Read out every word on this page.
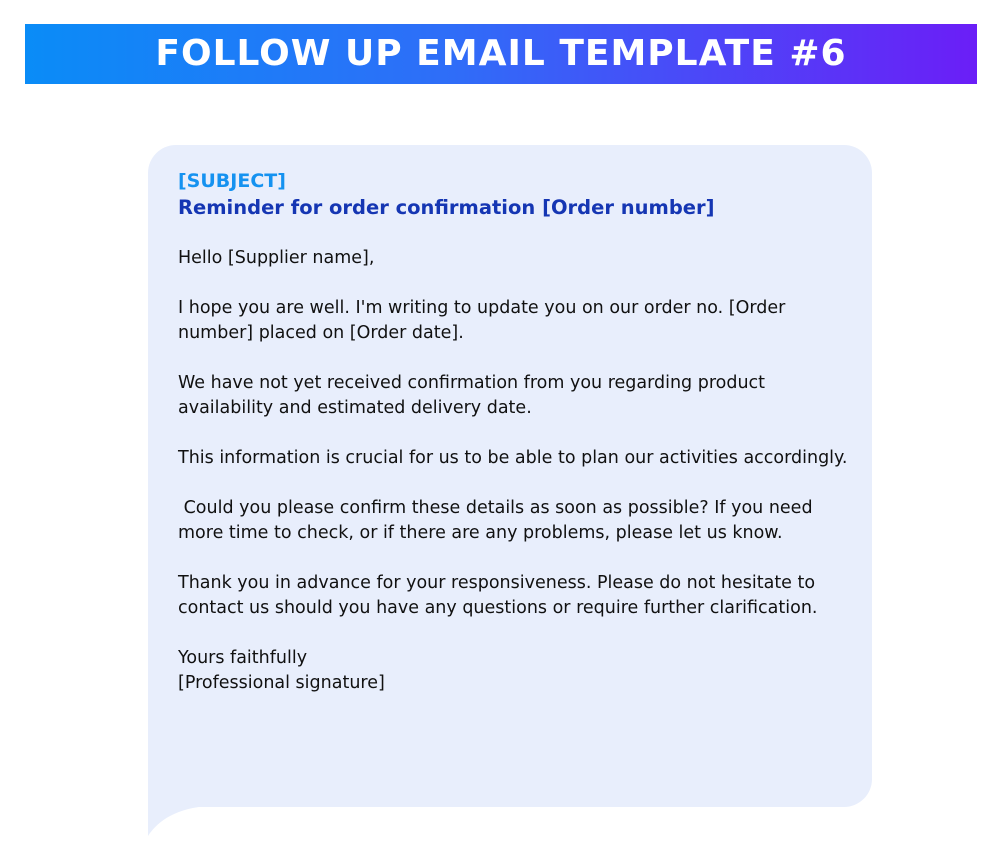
FOLLOW UP EMAIL TEMPLATE #6

[SUBJECT]

Reminder for order confirmation [Order number]

Hello [Supplier name],

I hope you are well. I'm writing to update you on our order no. [Order number] placed on [Order date].

We have not yet received confirmation from you regarding product availability and estimated delivery date.

This information is crucial for us to be able to plan our activities accordingly.

Could you please confirm these details as soon as possible? If you need more time to check, or if there are any problems, please let us know.

Thank you in advance for your responsiveness. Please do not hesitate to contact us should you have any questions or require further clarification.

Yours faithfully

[Professional signature]
